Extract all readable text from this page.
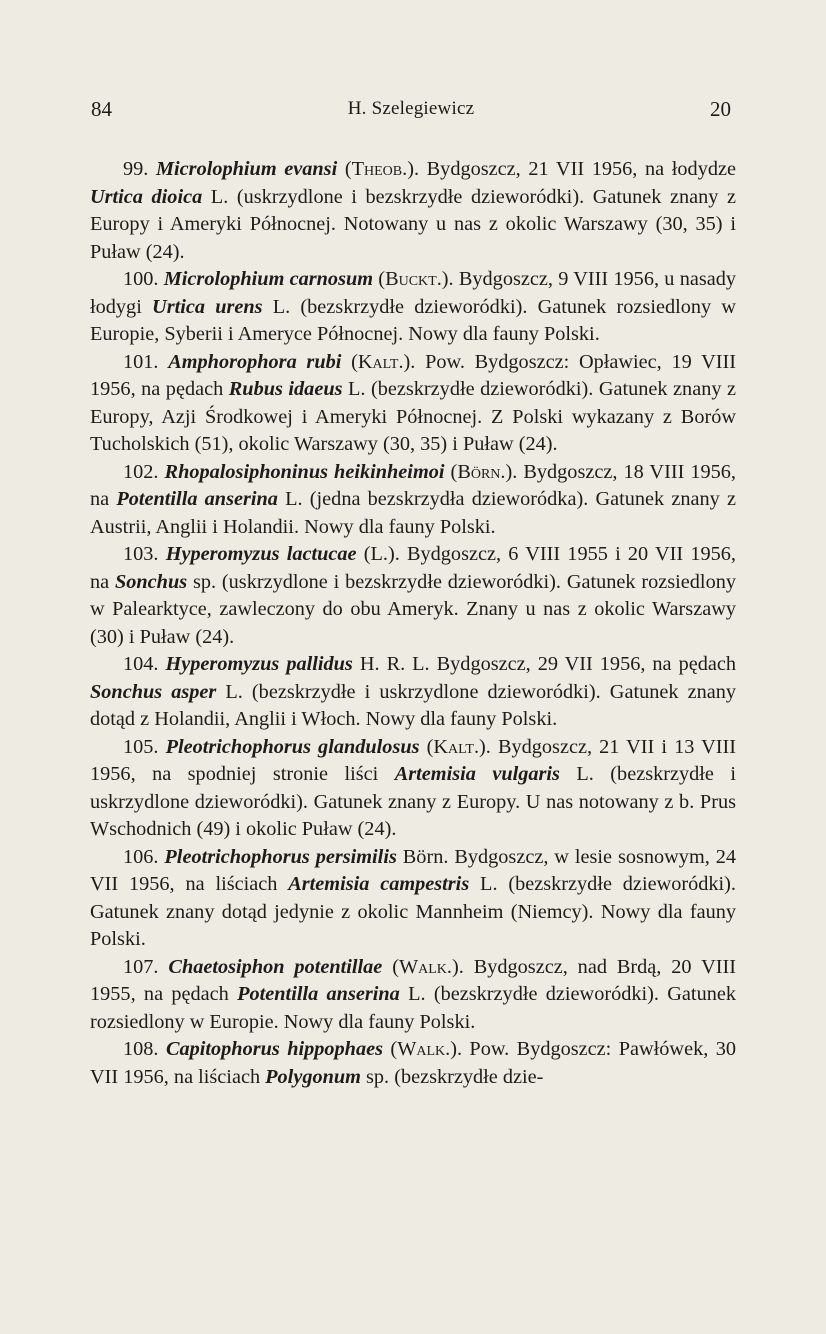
84	H. Szelegiewicz	20

99. Microlophium evansi (Theob.). Bydgoszcz, 21 VII 1956, na łodydze Urtica dioica L. (uskrzydlone i bezskrzydłe dzieworódki). Gatunek znany z Europy i Ameryki Północnej. Notowany u nas z okolic Warszawy (30, 35) i Puław (24).

100. Microlophium carnosum (Buckt.). Bydgoszcz, 9 VIII 1956, u nasady łodygi Urtica urens L. (bezskrzydłe dzieworódki). Gatunek rozsiedlony w Europie, Syberii i Ameryce Północnej. Nowy dla fauny Polski.

101. Amphorophora rubi (Kalt.). Pow. Bydgoszcz: Opławiec, 19 VIII 1956, na pędach Rubus idaeus L. (bezskrzydłe dzieworódki). Gatunek znany z Europy, Azji Środkowej i Ameryki Północnej. Z Polski wykazany z Borów Tucholskich (51), okolic Warszawy (30, 35) i Puław (24).

102. Rhopalosiphoninus heikinheimoi (Börn.). Bydgoszcz, 18 VIII 1956, na Potentilla anserina L. (jedna bezskrzydła dzieworódka). Gatunek znany z Austrii, Anglii i Holandii. Nowy dla fauny Polski.

103. Hyperomyzus lactucae (L.). Bydgoszcz, 6 VIII 1955 i 20 VII 1956, na Sonchus sp. (uskrzydlone i bezskrzydłe dzieworódki). Gatunek rozsiedlony w Palearktyce, zawleczony do obu Ameryk. Znany u nas z okolic Warszawy (30) i Puław (24).

104. Hyperomyzus pallidus H. R. L. Bydgoszcz, 29 VII 1956, na pędach Sonchus asper L. (bezskrzydłe i uskrzydlone dzieworódki). Gatunek znany dotąd z Holandii, Anglii i Włoch. Nowy dla fauny Polski.

105. Pleotrichophorus glandulosus (Kalt.). Bydgoszcz, 21 VII i 13 VIII 1956, na spodniej stronie liści Artemisia vulgaris L. (bezskrzydłe i uskrzydlone dzieworódki). Gatunek znany z Europy. U nas notowany z b. Prus Wschodnich (49) i okolic Puław (24).

106. Pleotrichophorus persimilis Börn. Bydgoszcz, w lesie sosnowym, 24 VII 1956, na liściach Artemisia campestris L. (bezskrzydłe dzieworódki). Gatunek znany dotąd jedynie z okolic Mannheim (Niemcy). Nowy dla fauny Polski.

107. Chaetosiphon potentillae (Walk.). Bydgoszcz, nad Brdą, 20 VIII 1955, na pędach Potentilla anserina L. (bezskrzydłe dzieworódki). Gatunek rozsiedlony w Europie. Nowy dla fauny Polski.

108. Capitophorus hippophaes (Walk.). Pow. Bydgoszcz: Pawłówek, 30 VII 1956, na liściach Polygonum sp. (bezskrzydłe dzie-
